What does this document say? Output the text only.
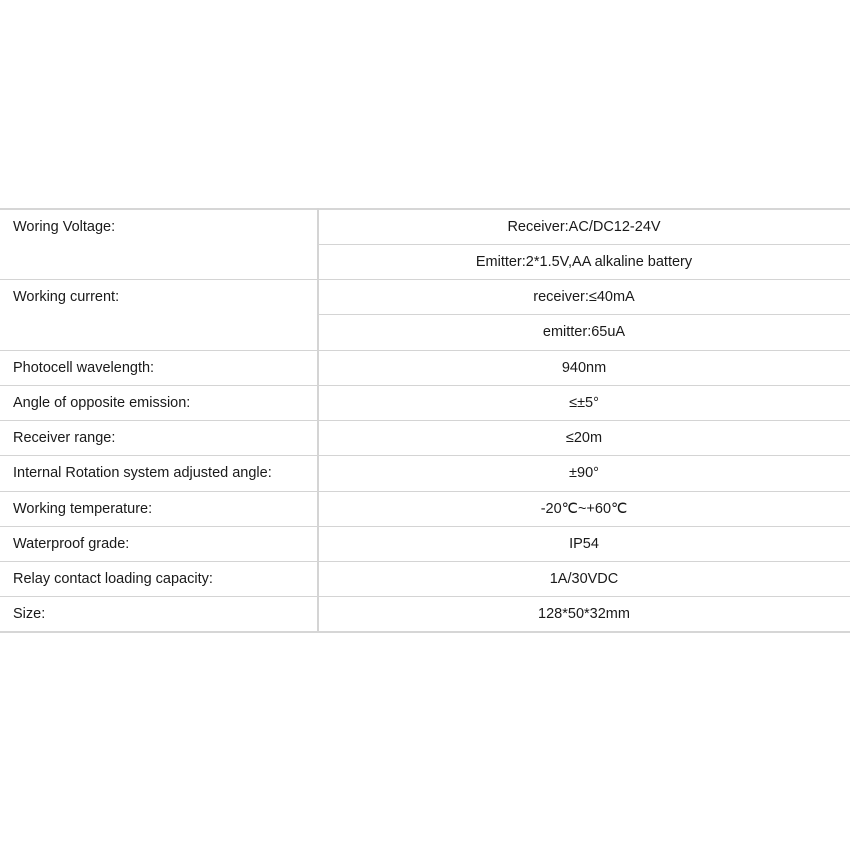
Woring Voltage:	Receiver:AC/DC12-24V
	Emitter:2*1.5V,AA alkaline battery
Working current:	receiver:≤40mA
	emitter:65uA
Photocell wavelength:	940nm
Angle of opposite emission:	≤±5°
Receiver range:	≤20m
Internal Rotation system adjusted angle:	±90°
Working temperature:	-20℃~+60℃
Waterproof grade:	IP54
Relay contact loading capacity:	1A/30VDC
Size:	128*50*32mm
